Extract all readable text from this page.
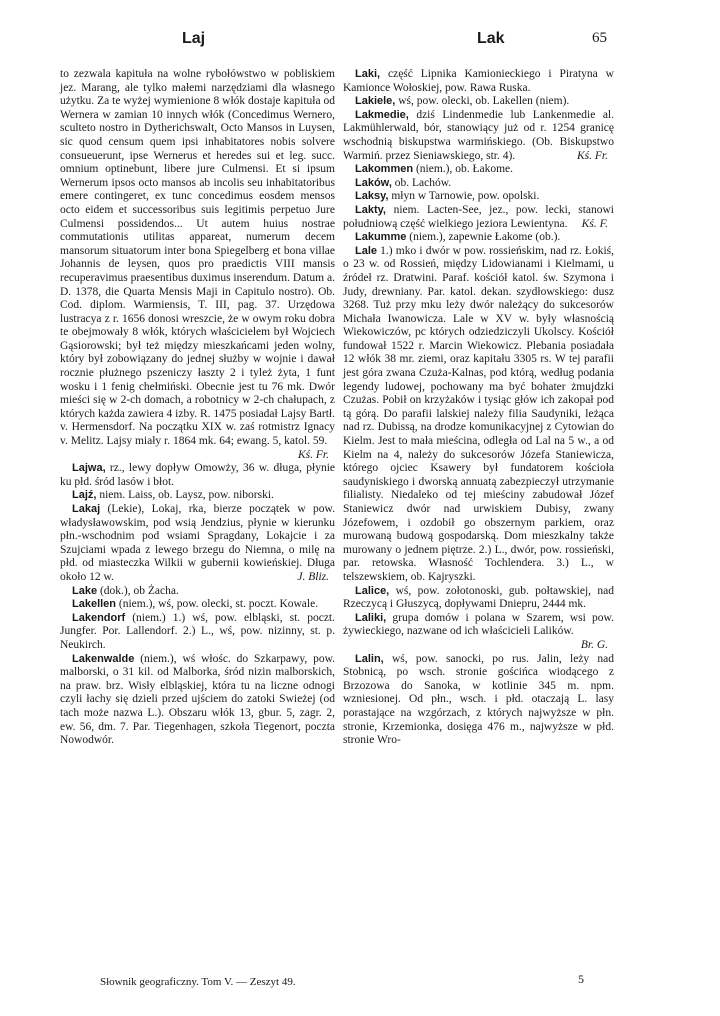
Laj	Lak	65

to zezwala kapituła na wolne rybołówstwo w pobliskiem jez. Marang, ale tylko małemi narzędziami dla własnego użytku. Za te wyżej wymienione 8 włók dostaje kapituła od Wernera w zamian 10 innych włók (Concedimus Wernero, sculteto nostro in Dytherichswalt, Octo Mansos in Luysen, sic quod censum quem ipsi inhabitatores nobis solvere consueuerunt, ipse Wernerus et heredes sui et leg. succ. omnium optinebunt, libere jure Culmensi. Et si ipsum Wernerum ipsos octo mansos ab incolis seu inhabitatoribus emere contingeret, ex tunc concedimus eosdem mensos octo eidem et successoribus suis legitimis perpetuo Jure Culmensi possidendos... Ut autem huius nostrae commutationis utilitas appareat, numerum decem mansorum situatorum inter bona Spiegelberg et bona villae Johannis de leysen, quos pro praedictis VIII mansis recuperavimus praesentibus duximus inserendum. Datum a. D. 1378, die Quarta Mensis Maji in Capitulo nostro). Ob. Cod. diplom. Warmiensis, T. III, pag. 37. Urzędowa lustracya z r. 1656 donosi wreszcie, że w owym roku dobra te obejmowały 8 włók, których właścicielem był Wojciech Gąsiorowski; był też między mieszkańcami jeden wolny, który był zobowiązany do jednej służby w wojnie i dawał rocznie płużnego pszeniczy łaszty 2 i tyleż żyta, 1 funt wosku i 1 fenig chełmiński. Obecnie jest tu 76 mk. Dwór mieści się w 2-ch domach, a robotnicy w 2-ch chałupach, z których każda zawiera 4 izby. R. 1475 posiadał Lajsy Bartł. v. Hermensdorf. Na początku XIX w. zaś rotmistrz Ignacy v. Melitz. Lajsy miały r. 1864 mk. 64; ewang. 5, katol. 59.
Kś. Fr.

Lajwa, rz., lewy dopływ Omowży, 36 w. długa, płynie ku płd. śród lasów i błot.

Lajź, niem. Laiss, ob. Laysz, pow. niborski.

Lakaj (Lekie), Lokaj, rka, bierze początek w pow. władysławowskim, pod wsią Jendzius, płynie w kierunku płn.-wschodnim pod wsiami Spragdany, Lokajcie i za Szujciami wpada z lewego brzegu do Niemna, o milę na płd. od miasteczka Wilkii w gubernii kowieńskiej. Długa około 12 w.	J. Bliz.

Lake (dok.), ob Żacha.

Lakellen (niem.), wś, pow. olecki, st. poczt. Kowale.

Lakendorf (niem.) 1.) wś, pow. elbląski, st. poczt. Jungfer. Por. Lallendorf. 2.) L., wś, pow. nizinny, st. p. Neukirch.

Lakenwalde (niem.), wś włośc. do Szkarpawy, pow. malborski, o 31 kil. od Malborka, śród nizin malborskich, na praw. brz. Wisły elbląskiej, która tu na liczne odnogi czyli łachy się dzieli przed ujściem do zatoki Swieżej (od tach może nazwa L.). Obszaru włók 13, gbur. 5, zagr. 2, ew. 56, dm. 7. Par. Tiegenhagen, szkoła Tiegenort, poczta Nowodwór.

Laki, część Lipnika Kamionieckiego i Piratyna w Kamionce Wołoskiej, pow. Rawa Ruska.

Lakiele, wś, pow. olecki, ob. Lakellen (niem).

Lakmedie, dziś Lindenmedie lub Lankenmedie al. Lakmühlerwald, bór, stanowiący już od r. 1254 granicę wschodnią biskupstwa warmińskiego. (Ob. Biskupstwo Warmiń. przez Sieniawskiego, str. 4).	Kś. Fr.

Lakommen (niem.), ob. Łakome.

Laków, ob. Lachów.

Laksy, młyn w Tarnowie, pow. opolski.

Lakty, niem. Lacten-See, jez., pow. lecki, stanowi południową część wielkiego jeziora Lewientyna.	Kś. F.

Lakumme (niem.), zapewnie Łakome (ob.).

Lale 1.) mko i dwór w pow. rossieńskim, nad rz. Łokiś, o 23 w. od Rossień, między Lidowianami i Kielmami, u źródeł rz. Dratwini. Paraf. kościół katol. św. Szymona i Judy, drewniany. Par. katol. dekan. szydłowskiego: dusz 3268. Tuż przy mku leży dwór należący do sukcesorów Michała Iwanowicza. Lale w XV w. były własnością Wiekowiczów, pc których odziedziczyli Ukolscy. Kościół fundował 1522 r. Marcin Wiekowicz. Plebania posiadała 12 włók 38 mr. ziemi, oraz kapitału 3305 rs. W tej parafii jest góra zwana Czuża-Kalnas, pod którą, według podania legendy ludowej, pochowany ma być bohater żmujdzki Czużas. Pobił on krzyżaków i tysiąc głów ich zakopał pod tą górą. Do parafii lalskiej należy filia Saudyniki, leżąca nad rz. Dubissą, na drodze komunikacyjnej z Cytowian do Kielm. Jest to mała mieścina, odległa od Lal na 5 w., a od Kielm na 4, należy do sukcesorów Józefa Staniewicza, którego ojciec Ksawery był fundatorem kościoła saudyniskiego i dworską annuatą zabezpieczył utrzymanie filialisty. Niedaleko od tej mieściny zabudował Józef Staniewicz dwór nad urwiskiem Dubisy, zwany Józefowem, i ozdobił go obszernym parkiem, oraz murowaną budową gospodarską. Dom mieszkalny także murowany o jednem piętrze. 2.) L., dwór, pow. rossieński, par. retowska. Własność Tochlendera. 3.) L., w telszewskiem, ob. Kajryszki.

Lalice, wś, pow. zołotonoski, gub. połtawskiej, nad Rzeczycą i Głuszycą, dopływami Dniepru, 2444 mk.

Laliki, grupa domów i polana w Szarem, wsi pow. żywieckiego, nazwane od ich właścicieli Lalików.
Br. G.

Lalin, wś, pow. sanocki, po rus. Jalin, leży nad Stobnicą, po wsch. stronie gościńca wiodącego z Brzozowa do Sanoka, w kotlinie 345 m. npm. wzniesionej. Od płn., wsch. i płd. otaczają L. lasy porastające na wzgórzach, z których najwyższe w płn. stronie, Krzemionka, dosięga 476 m., najwyższe w płd. stronie Wro-

Słownik geograficzny. Tom V. — Zeszyt 49.	5
